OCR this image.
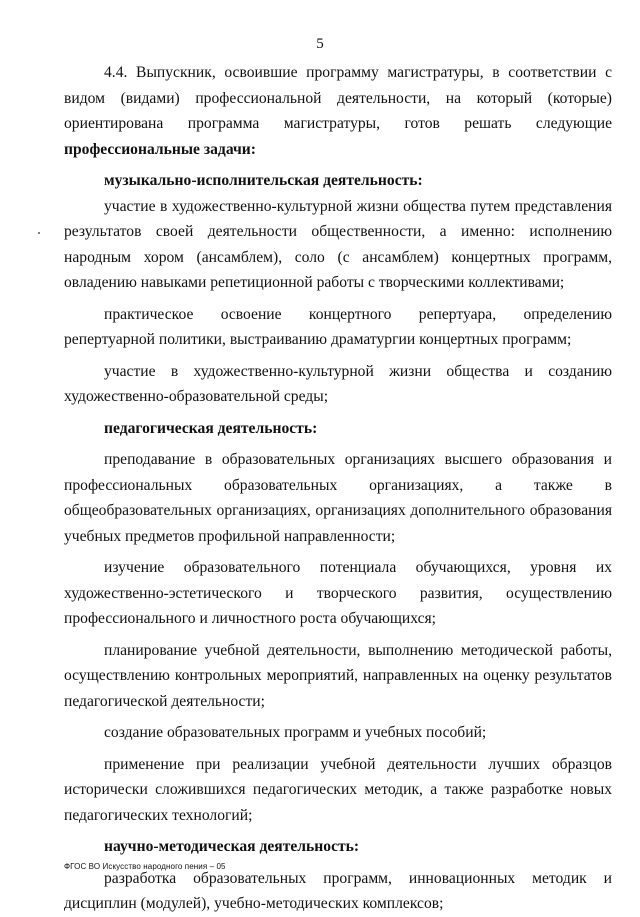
5

4.4. Выпускник, освоившие программу магистратуры, в соответствии с видом (видами) профессиональной деятельности, на который (которые) ориентирована программа магистратуры, готов решать следующие профессиональные задачи:

музыкально-исполнительская деятельность:

участие в художественно-культурной жизни общества путем представления результатов своей деятельности общественности, а именно: исполнению народным хором (ансамблем), соло (с ансамблем) концертных программ, овладению навыками репетиционной работы с творческими коллективами;

практическое освоение концертного репертуара, определению репертуарной политики, выстраиванию драматургии концертных программ;

участие в художественно-культурной жизни общества и созданию художественно-образовательной среды;

педагогическая деятельность:

преподавание в образовательных организациях высшего образования и профессиональных образовательных организациях, а также в общеобразовательных организациях, организациях дополнительного образования учебных предметов профильной направленности;

изучение образовательного потенциала обучающихся, уровня их художественно-эстетического и творческого развития, осуществлению профессионального и личностного роста обучающихся;

планирование учебной деятельности, выполнению методической работы, осуществлению контрольных мероприятий, направленных на оценку результатов педагогической деятельности;

создание образовательных программ и учебных пособий;

применение при реализации учебной деятельности лучших образцов исторически сложившихся педагогических методик, а также разработке новых педагогических технологий;

научно-методическая деятельность:

разработка образовательных программ, инновационных методик и дисциплин (модулей), учебно-методических комплексов;

ФГОС ВО Искусство народного пения – 05
